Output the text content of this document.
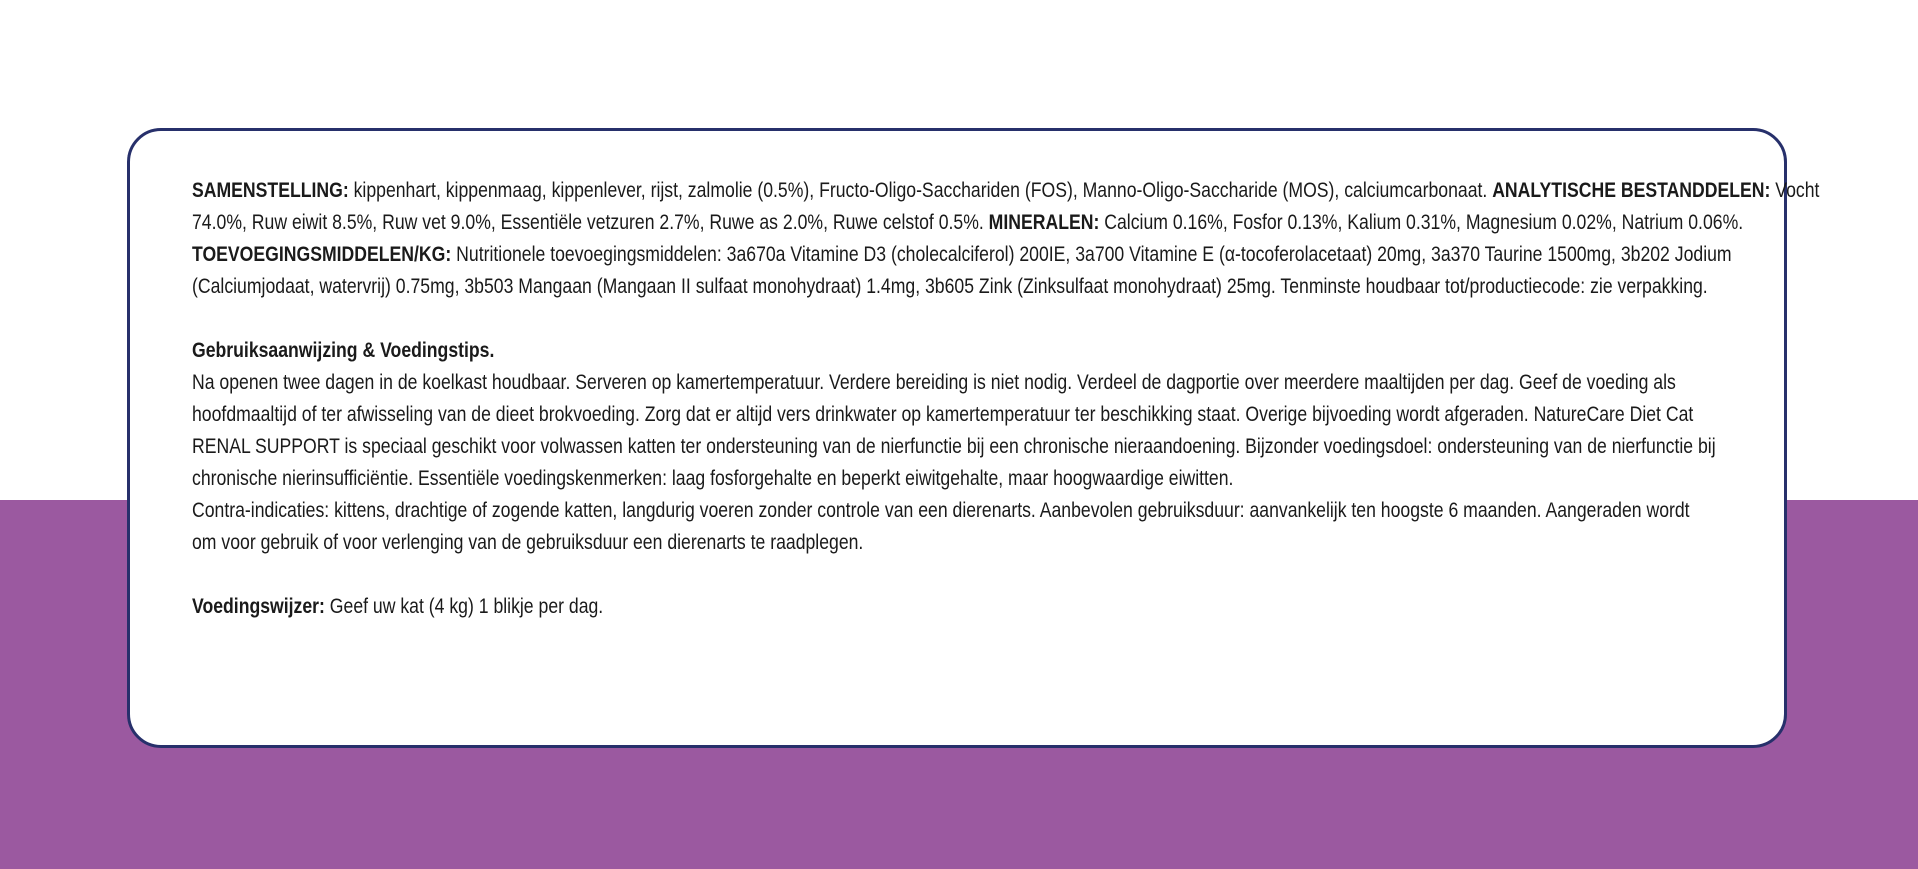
SAMENSTELLING: kippenhart, kippenmaag, kippenlever, rijst, zalmolie (0.5%), Fructo-Oligo-Sacchariden (FOS), Manno-Oligo-Saccharide (MOS), calciumcarbonaat. ANALYTISCHE BESTANDDELEN: Vocht 74.0%, Ruw eiwit 8.5%, Ruw vet 9.0%, Essentiële vetzuren 2.7%, Ruwe as 2.0%, Ruwe celstof 0.5%. MINERALEN: Calcium 0.16%, Fosfor 0.13%, Kalium 0.31%, Magnesium 0.02%, Natrium 0.06%. TOEVOEGINGSMIDDELEN/KG: Nutritionele toevoegingsmiddelen: 3a670a Vitamine D3 (cholecalciferol) 200IE, 3a700 Vitamine E (α-tocoferolacetaat) 20mg, 3a370 Taurine 1500mg, 3b202 Jodium (Calciumjodaat, watervrij) 0.75mg, 3b503 Mangaan (Mangaan II sulfaat monohydraat) 1.4mg, 3b605 Zink (Zinksulfaat monohydraat) 25mg. Tenminste houdbaar tot/productiecode: zie verpakking.

Gebruiksaanwijzing & Voedingstips.
Na openen twee dagen in de koelkast houdbaar. Serveren op kamertemperatuur. Verdere bereiding is niet nodig. Verdeel de dagportie over meerdere maaltijden per dag. Geef de voeding als hoofdmaaltijd of ter afwisseling van de dieet brokvoeding. Zorg dat er altijd vers drinkwater op kamertemperatuur ter beschikking staat. Overige bijvoeding wordt afgeraden. NatureCare Diet Cat RENAL SUPPORT is speciaal geschikt voor volwassen katten ter ondersteuning van de nierfunctie bij een chronische nieraandoening. Bijzonder voedingsdoel: ondersteuning van de nierfunctie bij chronische nierinsufficiëntie. Essentiële voedingskenmerken: laag fosforgehalte en beperkt eiwitgehalte, maar hoogwaardige eiwitten.
Contra-indicaties: kittens, drachtige of zogende katten, langdurig voeren zonder controle van een dierenarts. Aanbevolen gebruiksduur: aanvankelijk ten hoogste 6 maanden. Aangeraden wordt om voor gebruik of voor verlenging van de gebruiksduur een dierenarts te raadplegen.

Voedingswijzer: Geef uw kat (4 kg) 1 blikje per dag.
